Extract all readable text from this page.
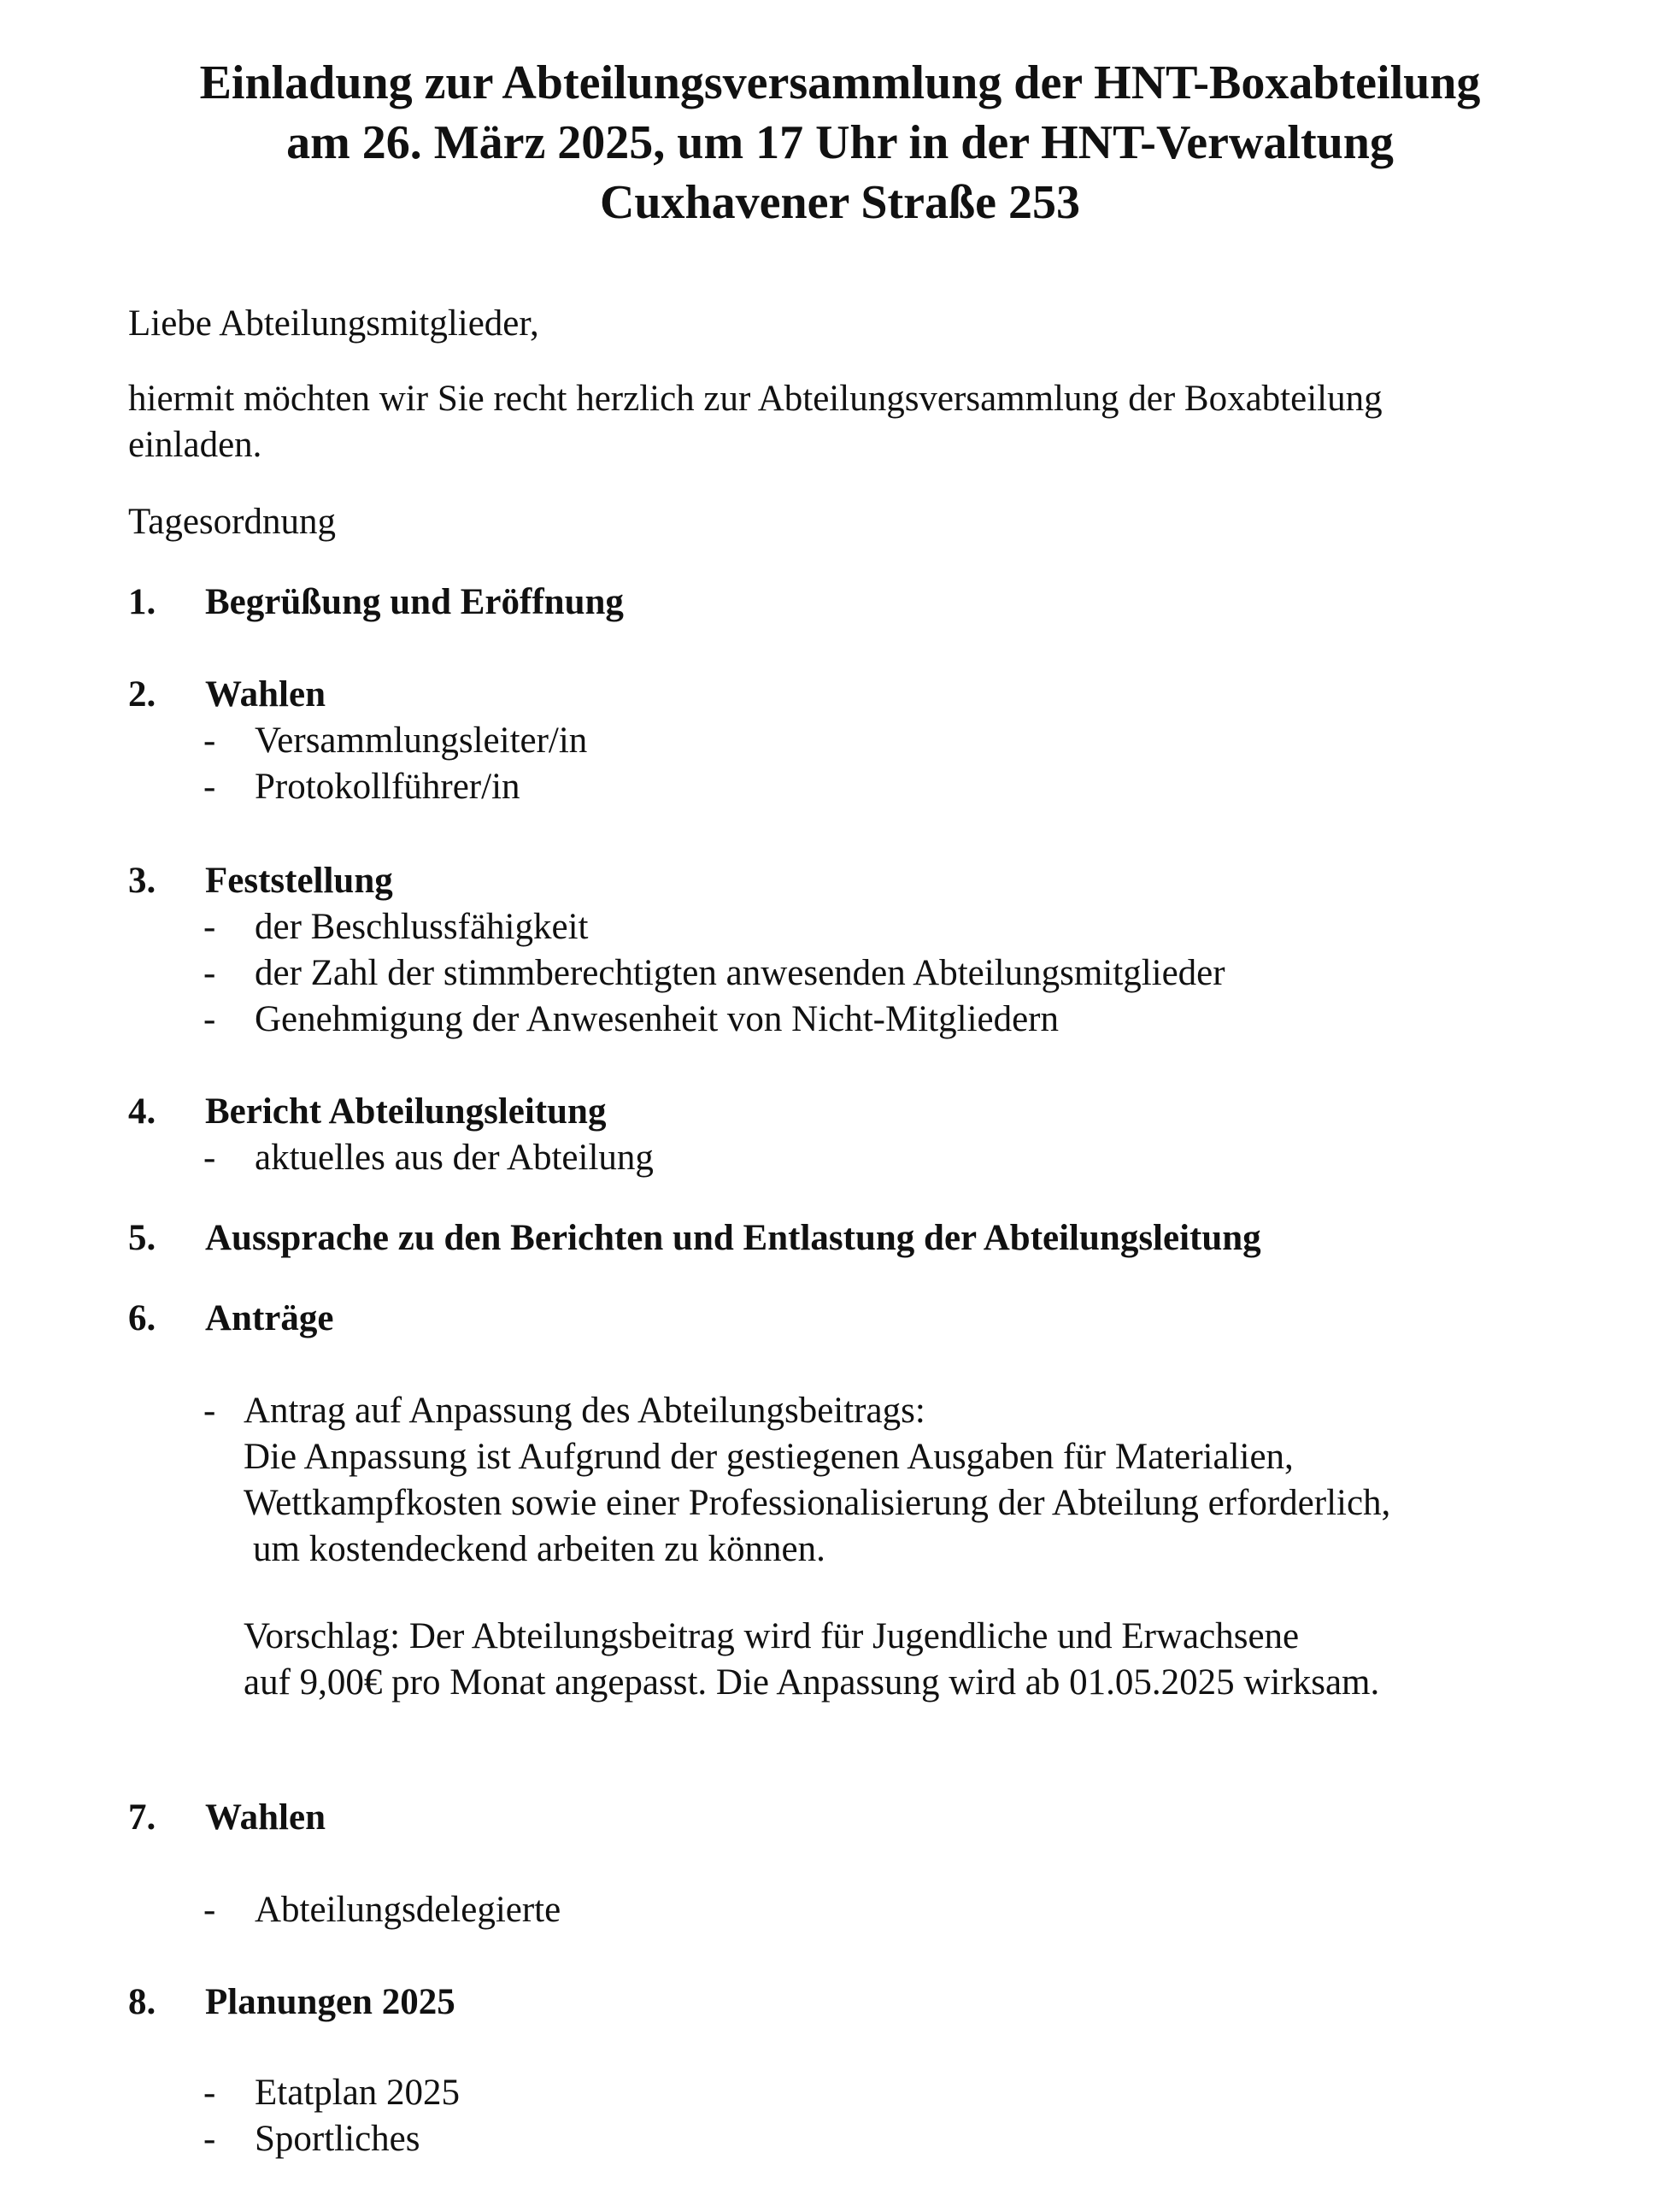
Einladung zur Abteilungsversammlung der HNT-Boxabteilung
am 26. März 2025, um 17 Uhr in der HNT-Verwaltung
Cuxhavener Straße 253

Liebe Abteilungsmitglieder,

hiermit möchten wir Sie recht herzlich zur Abteilungsversammlung der Boxabteilung

einladen.

Tagesordnung

1. Begrüßung und Eröffnung
2. Wahlen
- Versammlungsleiter/in
- Protokollführer/in
3. Feststellung
- der Beschlussfähigkeit
- der Zahl der stimmberechtigten anwesenden Abteilungsmitglieder
- Genehmigung der Anwesenheit von Nicht-Mitgliedern
4. Bericht Abteilungsleitung
- aktuelles aus der Abteilung
5. Aussprache zu den Berichten und Entlastung der Abteilungsleitung
6. Anträge
- Antrag auf Anpassung des Abteilungsbeitrags:
Die Anpassung ist Aufgrund der gestiegenen Ausgaben für Materialien,
Wettkampfkosten sowie einer Professionalisierung der Abteilung erforderlich,
um kostendeckend arbeiten zu können.
Vorschlag: Der Abteilungsbeitrag wird für Jugendliche und Erwachsene
auf 9,00€ pro Monat angepasst. Die Anpassung wird ab 01.05.2025 wirksam.
7. Wahlen
- Abteilungsdelegierte
8. Planungen 2025
- Etatplan 2025
- Sportliches
